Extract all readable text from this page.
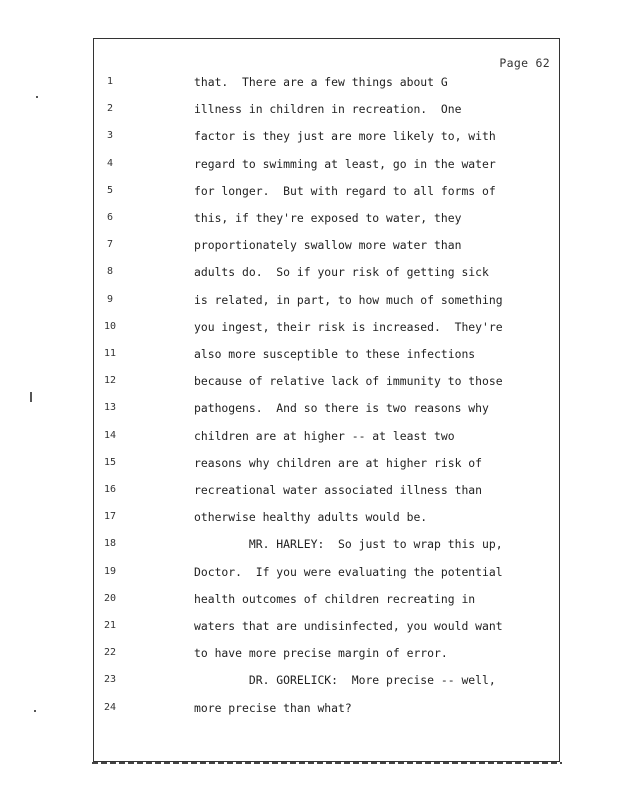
Page 62
1	that.  There are a few things about G
2	illness in children in recreation.  One
3	factor is they just are more likely to, with
4	regard to swimming at least, go in the water
5	for longer.  But with regard to all forms of
6	this, if they're exposed to water, they
7	proportionately swallow more water than
8	adults do.  So if your risk of getting sick
9	is related, in part, to how much of something
10	you ingest, their risk is increased.  They're
11	also more susceptible to these infections
12	because of relative lack of immunity to those
13	pathogens.  And so there is two reasons why
14	children are at higher -- at least two
15	reasons why children are at higher risk of
16	recreational water associated illness than
17	otherwise healthy adults would be.
18	MR. HARLEY:  So just to wrap this up,
19	Doctor.  If you were evaluating the potential
20	health outcomes of children recreating in
21	waters that are undisinfected, you would want
22	to have more precise margin of error.
23	DR. GORELICK:  More precise -- well,
24	more precise than what?
